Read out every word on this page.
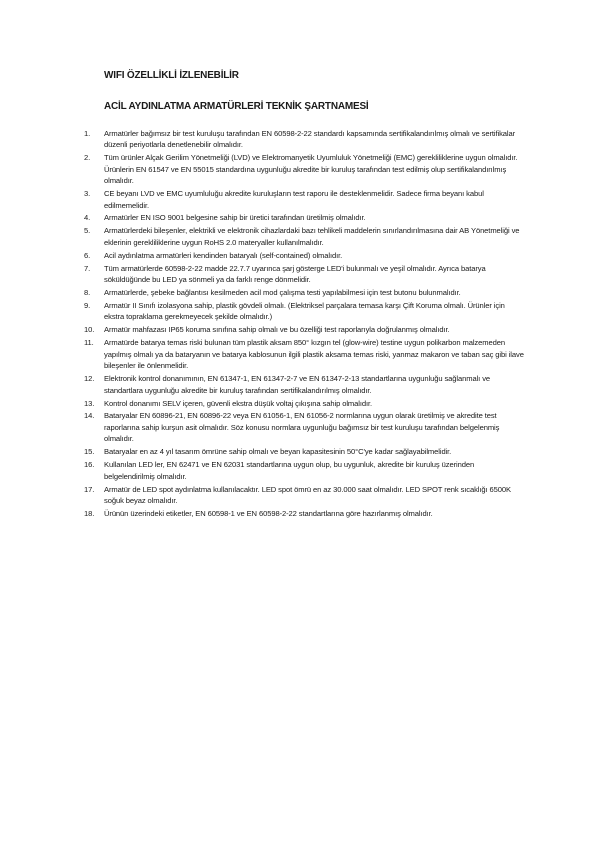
WIFI ÖZELLİKLİ İZLENEBİLİR
ACİL AYDINLATMA ARMATÜRLERİ TEKNİK ŞARTNAMESİ
1.	Armatürler bağımsız bir test kuruluşu tarafından EN 60598-2-22 standardı kapsamında sertifikalandırılmış olmalı ve sertifikalar düzenli periyotlarla denetlenebilir olmalıdır.
2.	Tüm ürünler Alçak Gerilim Yönetmeliği (LVD) ve Elektromanyetik Uyumluluk Yönetmeliği (EMC) gerekliliklerine uygun olmalıdır. Ürünlerin EN 61547 ve EN 55015 standardına uygunluğu akredite bir kuruluş tarafından test edilmiş olup sertifikalandırılmış olmalıdır.
3.	CE beyanı LVD ve EMC uyumluluğu akredite kuruluşların test raporu ile desteklenmelidir. Sadece firma beyanı kabul edilmemelidir.
4.	Armatürler EN ISO 9001 belgesine sahip bir üretici tarafından üretilmiş olmalıdır.
5.	Armatürlerdeki bileşenler, elektrikli ve elektronik cihazlardaki bazı tehlikeli maddelerin sınırlandırılmasına dair AB Yönetmeliği ve eklerinin gerekliliklerine uygun RoHS 2.0 materyaller kullanılmalıdır.
6.	Acil aydınlatma armatürleri kendinden bataryalı (self-contained) olmalıdır.
7.	Tüm armatürlerde 60598-2-22 madde 22.7.7 uyarınca şarj gösterge LED'i bulunmalı ve yeşil olmalıdır. Ayrıca batarya söküldüğünde bu LED ya sönmeli ya da farklı renge dönmelidir.
8.	Armatürlerde, şebeke bağlantısı kesilmeden acil mod çalışma testi yapılabilmesi için test butonu bulunmalıdır.
9.	Armatür II Sınıfı izolasyona sahip, plastik gövdeli olmalı. (Elektriksel parçalara temasa karşı Çift Koruma olmalı. Ürünler için ekstra topraklama gerekmeyecek şekilde olmalıdır.)
10.	Armatür mahfazası IP65 koruma sınıfına sahip olmalı ve bu özelliği test raporlarıyla doğrulanmış olmalıdır.
11.	Armatürde batarya temas riski bulunan tüm plastik aksam 850° kızgın tel (glow-wire) testine uygun polikarbon malzemeden yapılmış olmalı ya da bataryanın ve batarya kablosunun ilgili plastik aksama temas riski, yanmaz makaron ve taban saç gibi ilave bileşenler ile önlenmelidir.
12.	Elektronik kontrol donanımının, EN 61347-1, EN 61347-2-7 ve EN 61347-2-13 standartlarına uygunluğu sağlanmalı ve standartlara uygunluğu akredite bir kuruluş tarafından sertifikalandırılmış olmalıdır.
13.	Kontrol donanımı SELV içeren, güvenli ekstra düşük voltaj çıkışına sahip olmalıdır.
14.	Bataryalar EN 60896-21, EN 60896-22 veya EN 61056-1, EN 61056-2 normlarına uygun olarak üretilmiş ve akredite test raporlarına sahip kurşun asit olmalıdır. Söz konusu normlara uygunluğu bağımsız bir test kuruluşu tarafından belgelenmiş olmalıdır.
15.	Bataryalar en az 4 yıl tasarım ömrüne sahip olmalı ve beyan kapasitesinin 50°C'ye kadar sağlayabilmelidir.
16.	Kullanılan LED ler, EN 62471 ve EN 62031 standartlarına uygun olup, bu uygunluk, akredite bir kuruluş üzerinden belgelendirilmiş olmalıdır.
17.	Armatür de LED spot aydınlatma kullanılacaktır. LED spot ömrü en az 30.000 saat olmalıdır. LED SPOT renk sıcaklığı 6500K soğuk beyaz olmalıdır.
18.	Ürünün üzerindeki etiketler, EN 60598-1 ve EN 60598-2-22 standartlarına göre hazırlanmış olmalıdır.
